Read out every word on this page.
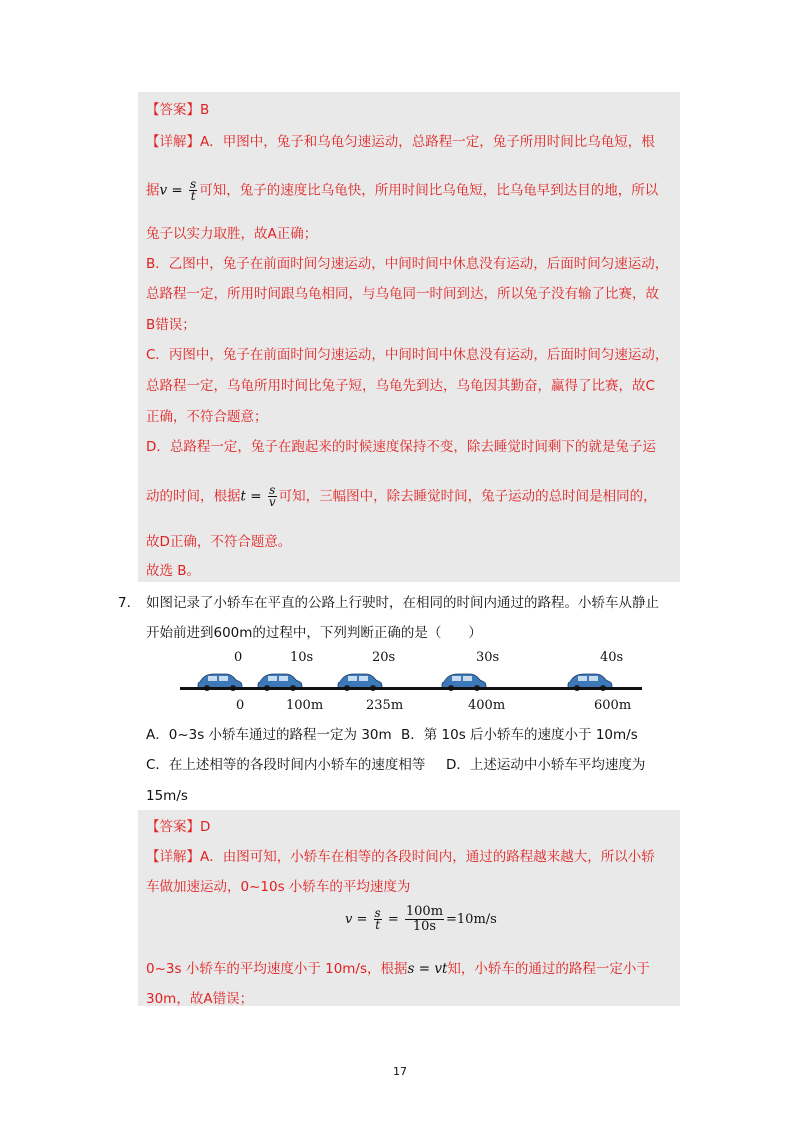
【答案】B
【详解】A．甲图中，兔子和乌龟匀速运动，总路程一定，兔子所用时间比乌龟短，根
据$v = \frac{s}{t}$ 可知，兔子的速度比乌龟快，所用时间比乌龟短，比乌龟早到达目的地，所以
兔子以实力取胜，故A正确；
B．乙图中，兔子在前面时间匀速运动，中间时间中休息没有运动，后面时间匀速运动，
总路程一定，所用时间跟乌龟相同，与乌龟同一时间到达，所以兔子没有输了比赛，故
B错误；
C．丙图中，兔子在前面时间匀速运动，中间时间中休息没有运动，后面时间匀速运动，
总路程一定，乌龟所用时间比兔子短，乌龟先到达，乌龟因其勤奋，赢得了比赛，故C
正确，不符合题意；
D．总路程一定，兔子在跑起来的时候速度保持不变，除去睡觉时间剩下的就是兔子运
动的时间，根据$t = \frac{s}{v}$ 可知，三幅图中，除去睡觉时间，兔子运动的总时间是相同的，
故D正确，不符合题意。
故选 B。
7． 如图记录了小轿车在平直的公路上行驶时，在相同的时间内通过的路程。小轿车从静止
开始前进到600m的过程中，下列判断正确的是（　　）
0	10s	20s	30s	40s
0	100m	235m	400m	600m
A．0~3s 小轿车通过的路程一定为 30m B．第 10s 后小轿车的速度小于 10m/s
C．在上述相等的各段时间内小轿车的速度相等 D．上述运动中小轿车平均速度为
15m/s
【答案】D
【详解】A．由图可知，小轿车在相等的各段时间内，通过的路程越来越大，所以小轿
车做加速运动，0~10s 小轿车的平均速度为
$v = \frac{s}{t} = \frac{100m}{10s} =10m/s$
0~3s 小轿车的平均速度小于 10m/s，根据s = vt知，小轿车的通过的路程一定小于
30m，故A错误；
17
